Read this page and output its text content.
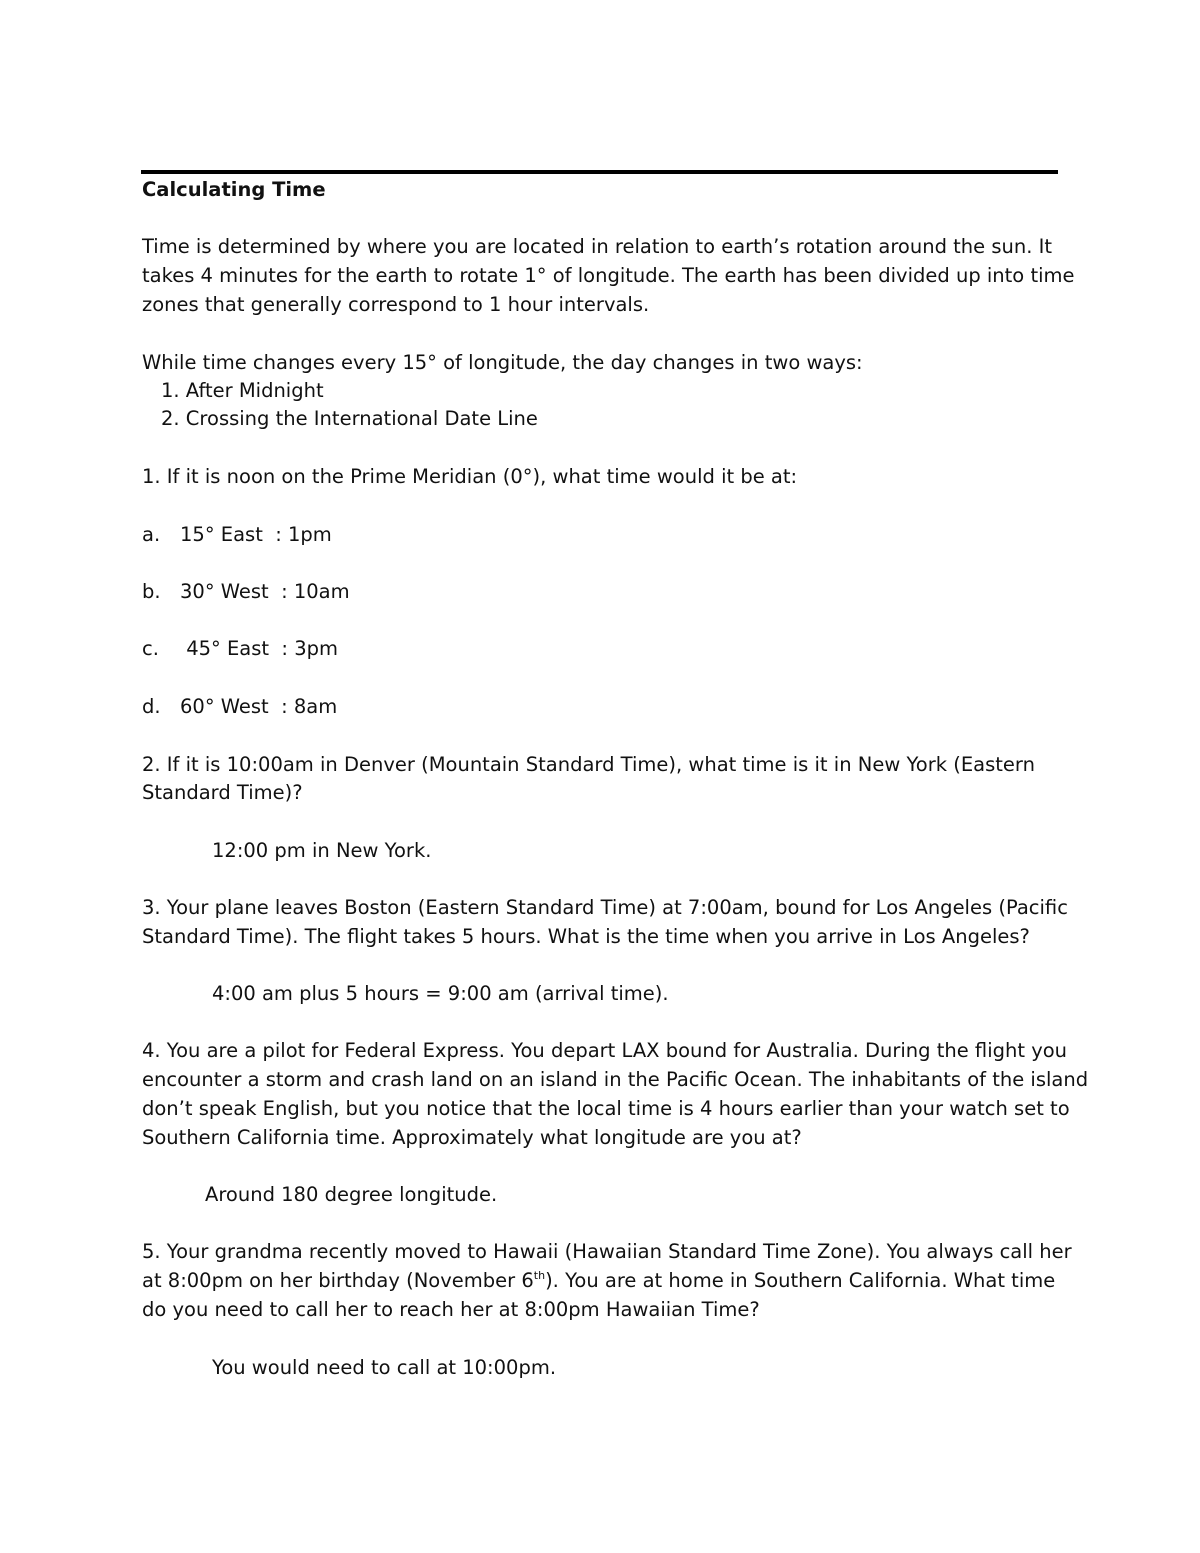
Calculating Time
Time is determined by where you are located in relation to earth’s rotation around the sun. It
takes 4 minutes for the earth to rotate 1° of longitude. The earth has been divided up into time
zones that generally correspond to 1 hour intervals.
While time changes every 15° of longitude, the day changes in two ways:
1. After Midnight
2. Crossing the International Date Line
1. If it is noon on the Prime Meridian (0°), what time would it be at:
a. 15° East  : 1pm
b. 30° West  : 10am
c. 45° East  : 3pm
d. 60° West  : 8am
2. If it is 10:00am in Denver (Mountain Standard Time), what time is it in New York (Eastern
Standard Time)?
12:00 pm in New York.
3. Your plane leaves Boston (Eastern Standard Time) at 7:00am, bound for Los Angeles (Pacific
Standard Time). The flight takes 5 hours. What is the time when you arrive in Los Angeles?
4:00 am plus 5 hours = 9:00 am (arrival time).
4. You are a pilot for Federal Express. You depart LAX bound for Australia. During the flight you
encounter a storm and crash land on an island in the Pacific Ocean. The inhabitants of the island
don’t speak English, but you notice that the local time is 4 hours earlier than your watch set to
Southern California time. Approximately what longitude are you at?
Around 180 degree longitude.
5. Your grandma recently moved to Hawaii (Hawaiian Standard Time Zone). You always call her
at 8:00pm on her birthday (November 6th). You are at home in Southern California. What time
do you need to call her to reach her at 8:00pm Hawaiian Time?
You would need to call at 10:00pm.
